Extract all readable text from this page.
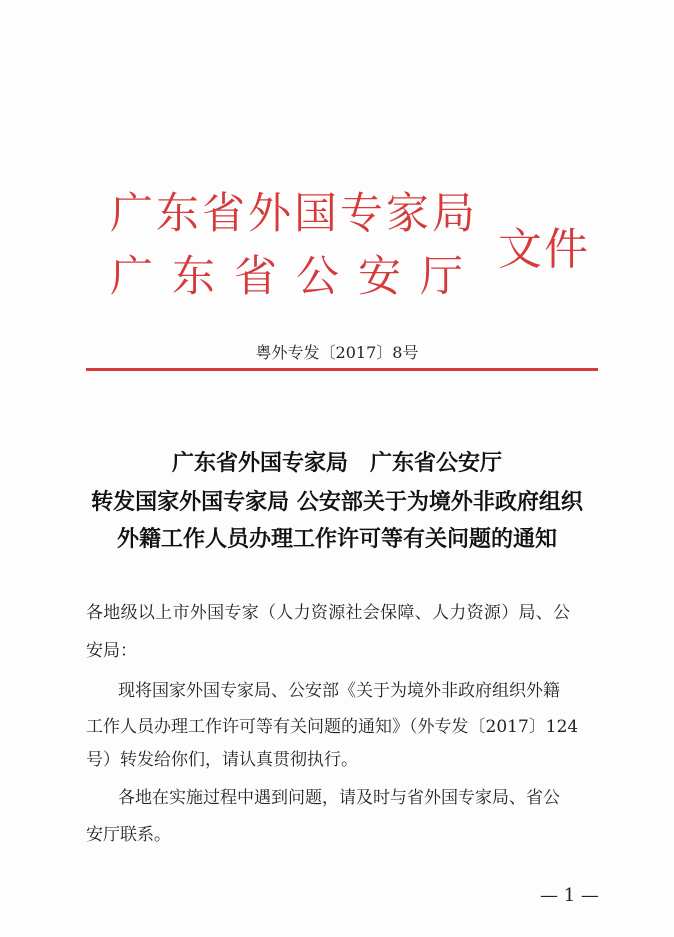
广东省外国专家局
广东省公安厅
文件
粤外专发〔2017〕8号
广东省外国专家局　广东省公安厅
转发国家外国专家局 公安部关于为境外非政府组织
外籍工作人员办理工作许可等有关问题的通知
各地级以上市外国专家（人力资源社会保障、人力资源）局、公
安局：
现将国家外国专家局、公安部《关于为境外非政府组织外籍
工作人员办理工作许可等有关问题的通知》（外专发〔2017〕124
号）转发给你们，请认真贯彻执行。
各地在实施过程中遇到问题，请及时与省外国专家局、省公
安厅联系。
— 1 —
